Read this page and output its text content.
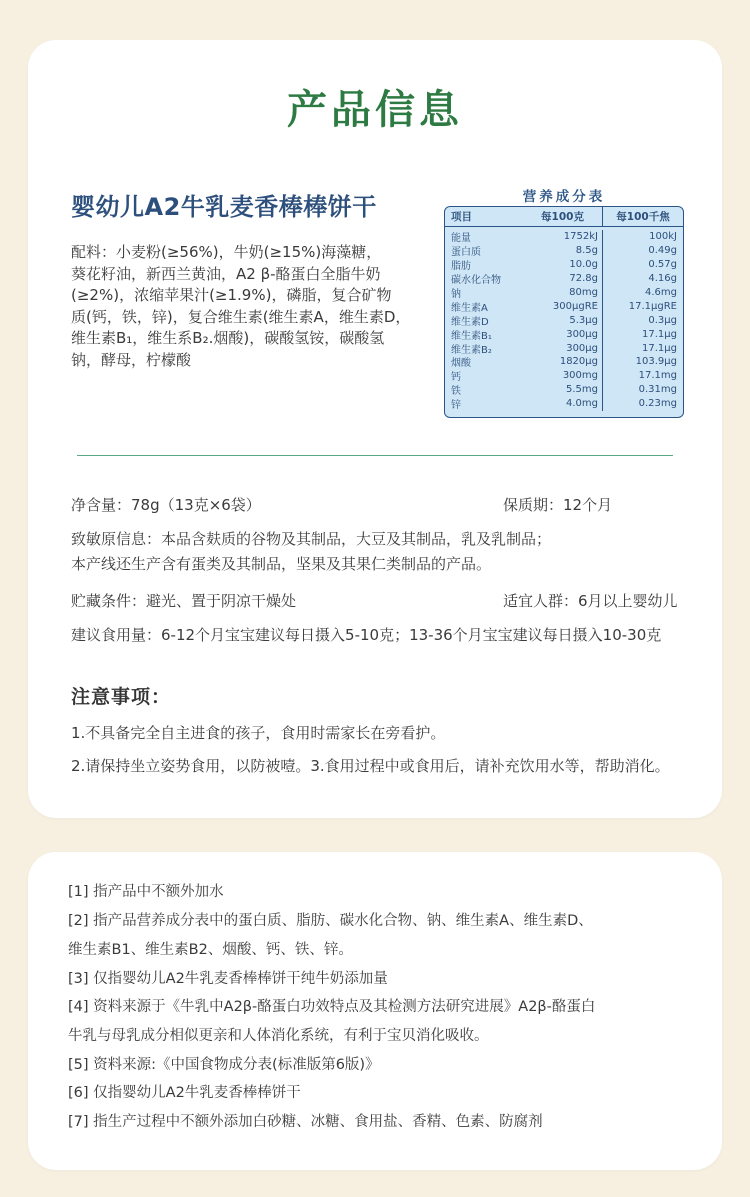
产品信息
婴幼儿A2牛乳麦香棒棒饼干
配料：小麦粉(≥56%)，牛奶(≥15%)海藻糖，
葵花籽油，新西兰黄油，A2 β-酪蛋白全脂牛奶
(≥2%)，浓缩苹果汁(≥1.9%)，磷脂，复合矿物
质(钙，铁，锌)，复合维生素(维生素A，维生素D，
维生素B₁，维生系B₂.烟酸)，碳酸氢铵，碳酸氢
钠，酵母，柠檬酸
营养成分表
项目	每100克	每100千焦
能量	1752kJ	100kJ
蛋白质	8.5g	0.49g
脂肪	10.0g	0.57g
碳水化合物	72.8g	4.16g
钠	80mg	4.6mg
维生素A	300μgRE	17.1μgRE
维生素D	5.3μg	0.3μg
维生素B₁	300μg	17.1μg
维生素B₂	300μg	17.1μg
烟酸	1820μg	103.9μg
钙	300mg	17.1mg
铁	5.5mg	0.31mg
锌	4.0mg	0.23mg
净含量：78g（13克×6袋）	保质期：12个月
致敏原信息：本品含麸质的谷物及其制品，大豆及其制品，乳及乳制品；
本产线还生产含有蛋类及其制品，坚果及其果仁类制品的产品。
贮藏条件：避光、置于阴凉干燥处	适宜人群：6月以上婴幼儿
建议食用量：6-12个月宝宝建议每日摄入5-10克；13-36个月宝宝建议每日摄入10-30克
注意事项：
1.不具备完全自主进食的孩子，食用时需家长在旁看护。
2.请保持坐立姿势食用，以防被噎。3.食用过程中或食用后，请补充饮用水等，帮助消化。
[1] 指产品中不额外加水
[2] 指产品营养成分表中的蛋白质、脂肪、碳水化合物、钠、维生素A、维生素D、
维生素B1、维生素B2、烟酸、钙、铁、锌。
[3] 仅指婴幼儿A2牛乳麦香棒棒饼干纯牛奶添加量
[4] 资料来源于《牛乳中A2β-酪蛋白功效特点及其检测方法研究进展》A2β-酪蛋白
牛乳与母乳成分相似更亲和人体消化系统，有利于宝贝消化吸收。
[5] 资料来源:《中国食物成分表(标准版第6版)》
[6] 仅指婴幼儿A2牛乳麦香棒棒饼干
[7] 指生产过程中不额外添加白砂糖、冰糖、食用盐、香精、色素、防腐剂
